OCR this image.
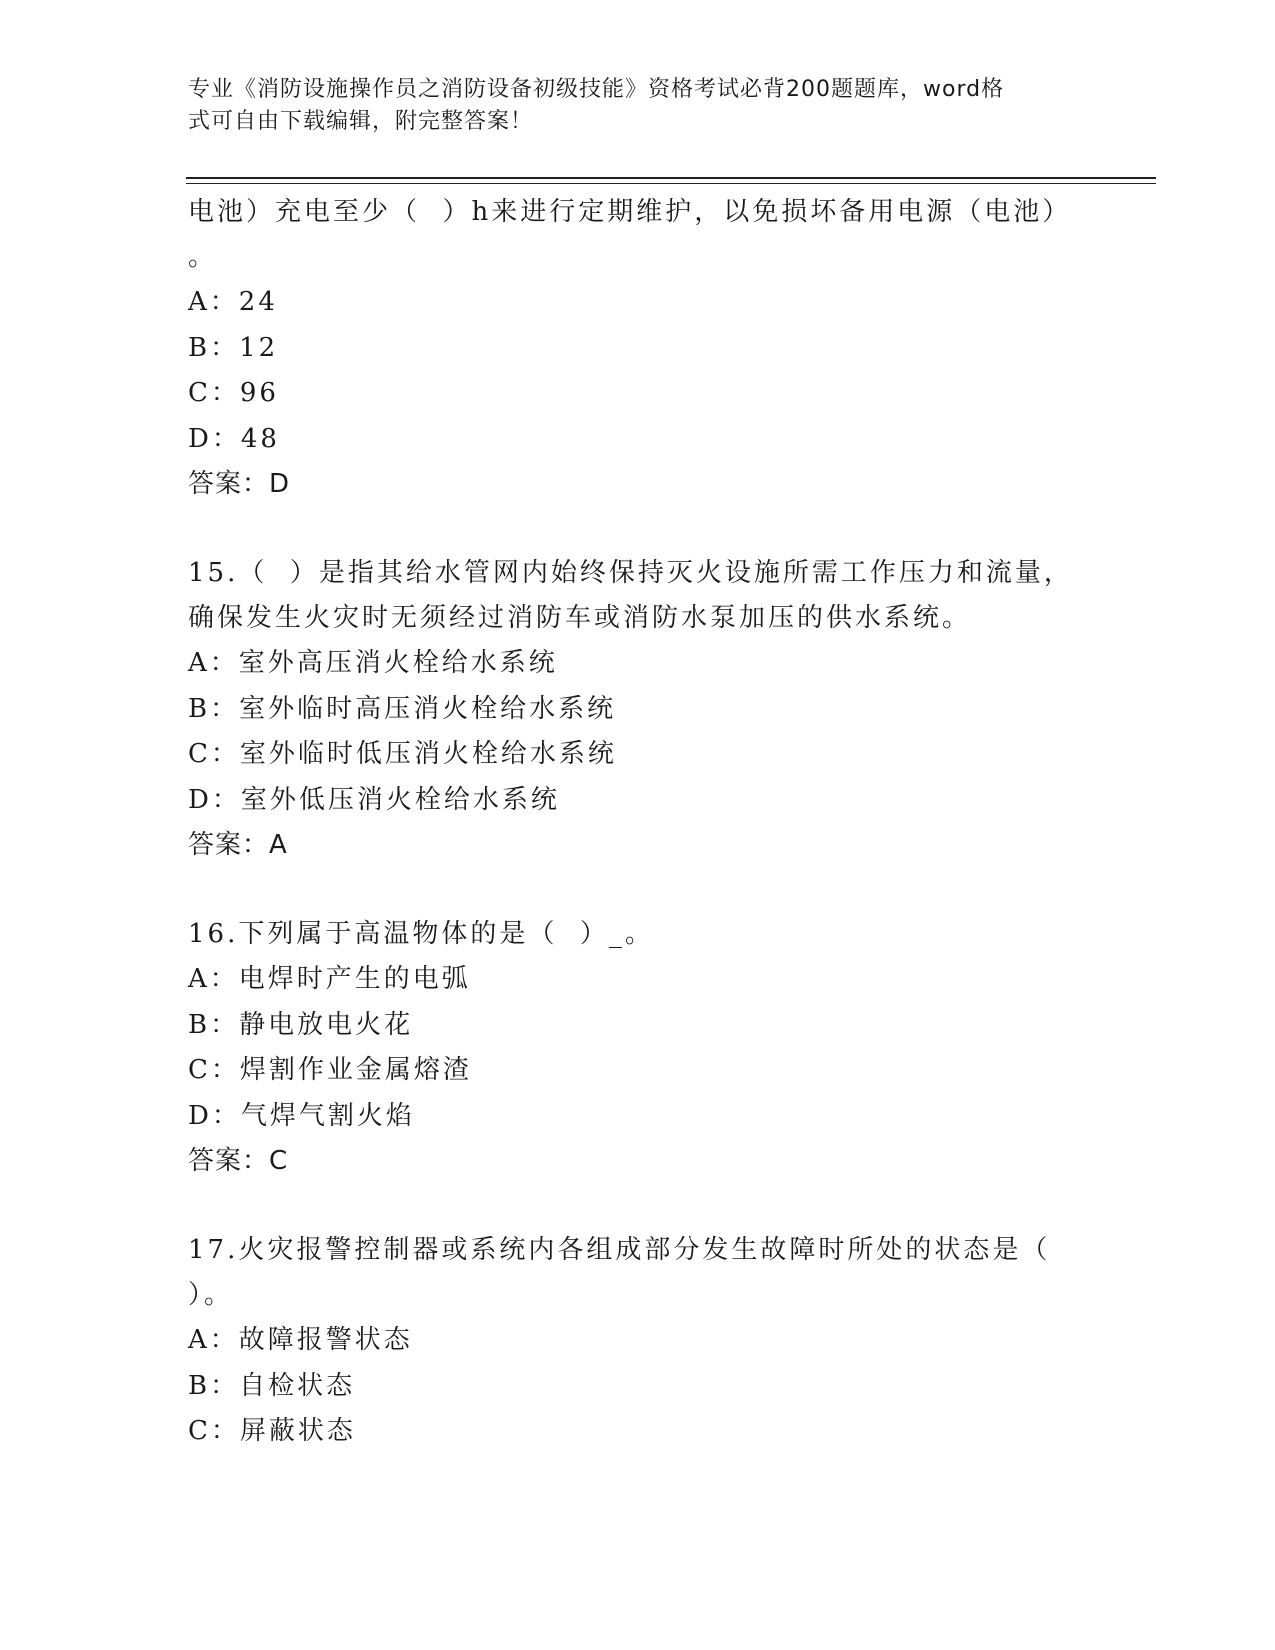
专业《消防设施操作员之消防设备初级技能》资格考试必背200题题库，word格
式可自由下载编辑，附完整答案！
电池）充电至少（  ）h来进行定期维护，以免损坏备用电源（电池）
。
A：24
B：12
C：96
D：48
答案：D
15.（  ）是指其给水管网内始终保持灭火设施所需工作压力和流量，
确保发生火灾时无须经过消防车或消防水泵加压的供水系统。
A：室外高压消火栓给水系统
B：室外临时高压消火栓给水系统
C：室外临时低压消火栓给水系统
D：室外低压消火栓给水系统
答案：A
16.下列属于高温物体的是（  ）_。
A：电焊时产生的电弧
B：静电放电火花
C：焊割作业金属熔渣
D：气焊气割火焰
答案：C
17.火灾报警控制器或系统内各组成部分发生故障时所处的状态是（
）。
A：故障报警状态
B：自检状态
C：屏蔽状态
